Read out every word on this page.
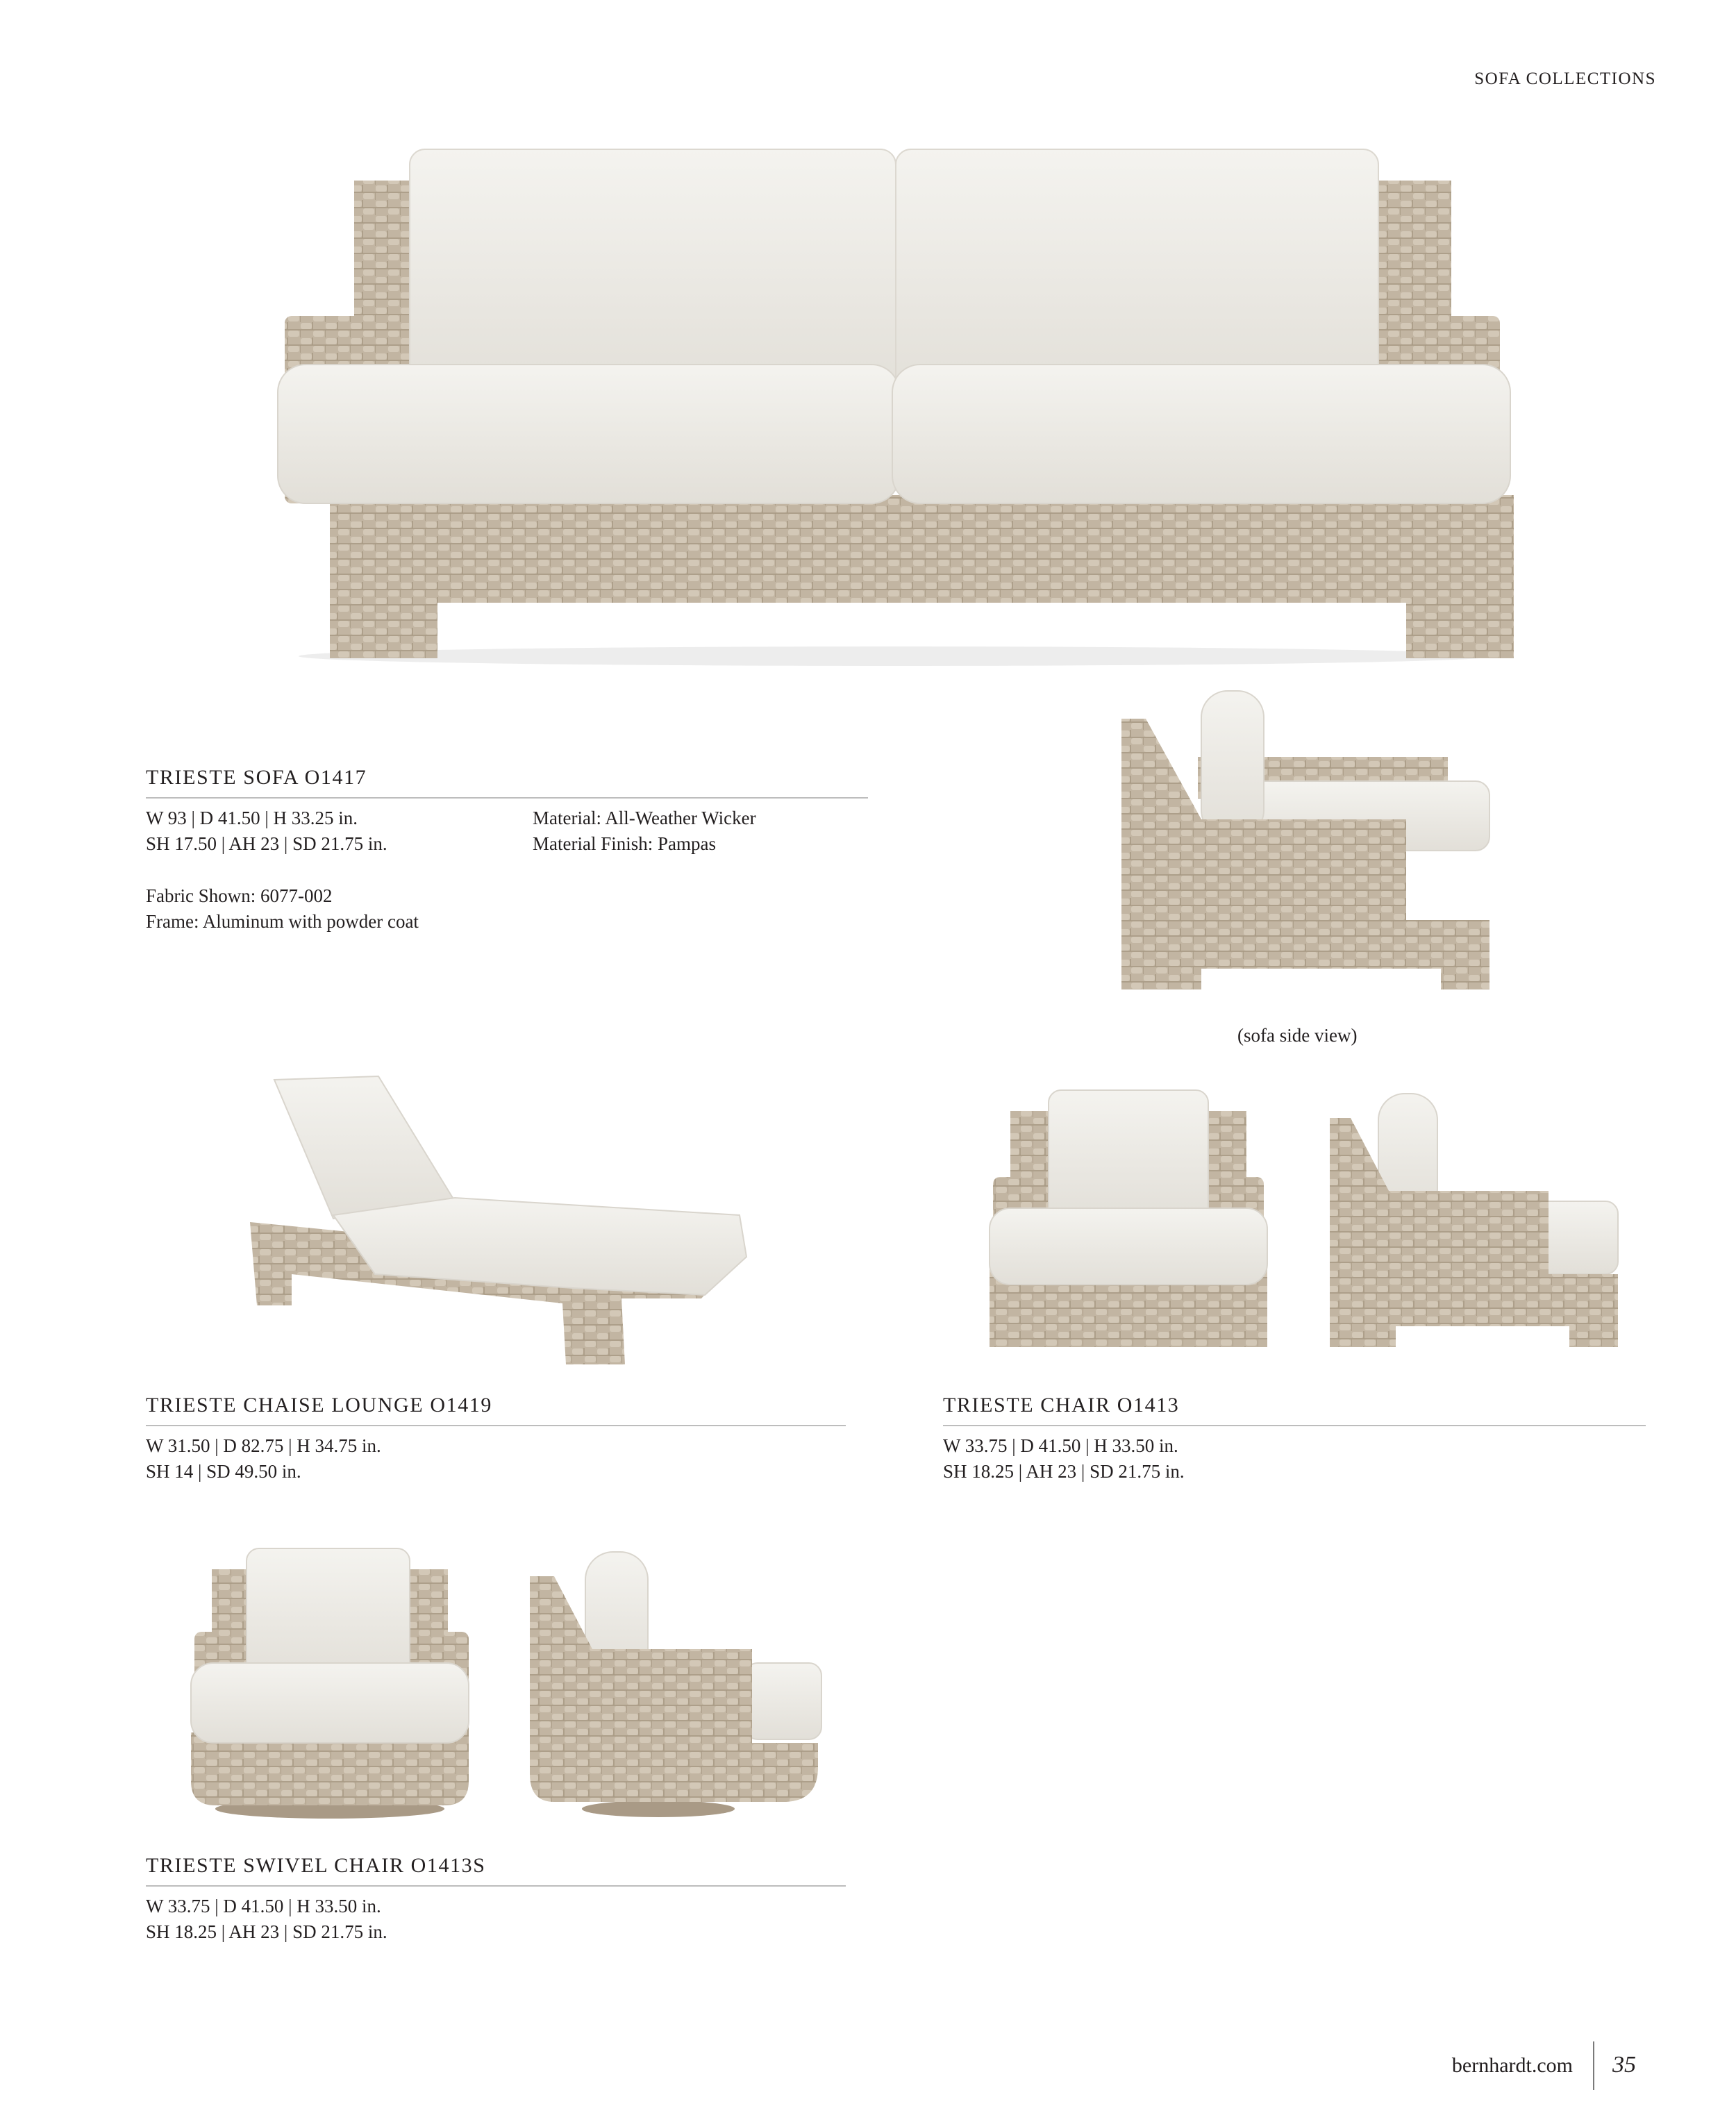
SOFA COLLECTIONS
TRIESTE SOFA O1417
W 93 | D 41.50 | H 33.25 in.
SH 17.50 | AH 23 | SD 21.75 in.
Material: All-Weather Wicker
Material Finish: Pampas
Fabric Shown: 6077-002
Frame: Aluminum with powder coat
(sofa side view)
TRIESTE CHAISE LOUNGE O1419
W 31.50 | D 82.75 | H 34.75 in.
SH 14 | SD 49.50 in.
TRIESTE CHAIR O1413
W 33.75 | D 41.50 | H 33.50 in.
SH 18.25 | AH 23 | SD 21.75 in.
TRIESTE SWIVEL CHAIR O1413S
W 33.75 | D 41.50 | H 33.50 in.
SH 18.25 | AH 23 | SD 21.75 in.
bernhardt.com 35
